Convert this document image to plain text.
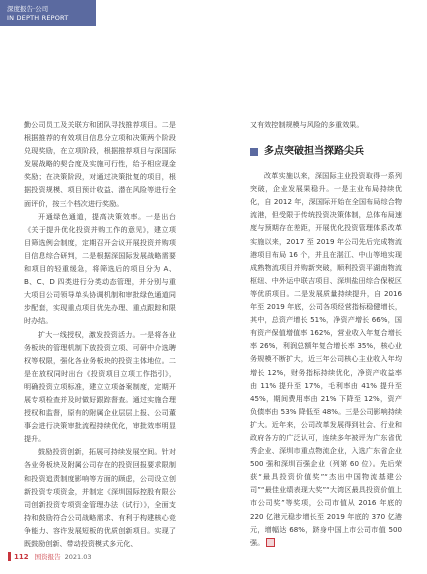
深度报告·公司
IN DEPTH REPORT

勤公司员工及关联方和团队寻找推荐项目。二是根据推荐的有效项目信息分立项和决策两个阶段兑现奖励，在立项阶段，根据推荐项目与深国际发展战略的契合度及实施可行性，给予相应现金奖励；在决策阶段，对通过决策批复的项目，根据投资规模、项目预计收益、潜在风险等进行全面评价，按三个档次进行奖励。

开通绿色通道，提高决策效率。一是出台《关于提升优化投资并购工作的意见》，建立项目筛选例会制度，定期召开会议开展投资并购项目信息综合研判，二是根据深国际发展战略需要和项目的轻重缓急，将筛选后的项目分为 A、B、C、D 四类进行分类动态管理，并分别与重大项目公司领导单头协调机制和审批绿色通道同步配套，实现重点项目优先办理、重点跟踪和限时办结。

扩大一线授权，激发投资活力。一是将各业务板块的管理机制下放投资立项、可研中介选聘权等权限，强化各业务板块的投资主体地位。二是在放权同时出台《投资项目立项工作指引》，明确投资立项标准，建立立项备案制度，定期开展专项检查并及时做好跟踪督查。通过实施合理授权和监督，原有的附属企业层层上报、公司董事会进行决策审批流程持续优化，审批效率明显提升。

鼓励投资创新，拓展可持续发展空间。针对各业务板块及附属公司存在的投资回报要求限制和投资追责制度影响等方面的顾虑，公司设立创新投资专项资金，并制定《深圳国际控股有限公司创新投资专项资金管理办法（试行）》，全面支持和鼓励符合公司战略需求、有利于构建核心竞争能力、容许发展短板的优质创新项目。实现了既鼓励创新、带动投资模式多元化、

又有效控制规模与风险的多重效果。

多点突破担当探路尖兵

改革实施以来，深国际主业投资取得一系列突破，企业发展果稳升。一是主业布局持续优化，自 2012 年，深国际开始在全国布局综合物流港，但受限于传统投资决策体制，总体布局速度与预期存在差距，开展优化投资管理体系改革实施以来，2017 至 2019 年公司先后完成物流港项目布局 16 个，并且在湛江、中山等地实现成熟物流项目并购新突破，顺利投资平湖南物流枢纽、中外运中联吉项目、深圳盐田综合保税区等优质项目。二是发展质量持续提升，自 2016 年至 2019 年底，公司各项经营指标稳健增长，其中，总资产增长 51%，净资产增长 66%，国有资产保值增值率 162%，营业收入年复合增长率 26%，利润总额年复合增长率 35%，核心业务规模不断扩大，近三年公司核心主业收入年均增长 12%，财务指标持续优化，净资产收益率由 11% 提升至 17%，毛利率由 41% 提升至 45%，期间费用率由 21% 下降至 12%，资产负债率由 53% 降低至 48%。三是公司影响持续扩大。近年来，公司改革发展得到社会、行业和政府各方的广泛认可，连续多年被评为广东省优秀企业、深圳市重点物流企业，入选广东省企业 500 强和深圳百强企业（列第 60 位）。先后荣获“最具投资价值奖”“杰出中国物流基建公司”“最佳业绩表现大奖”“大湾区最具投资价值上市公司奖”等奖项，公司市值从 2016 年底的 220 亿港元稳步增长至 2019 年底的 370 亿港元，增幅达 68%，跻身中国上市公司市值 500 强。

112 国资报告 2021.03
